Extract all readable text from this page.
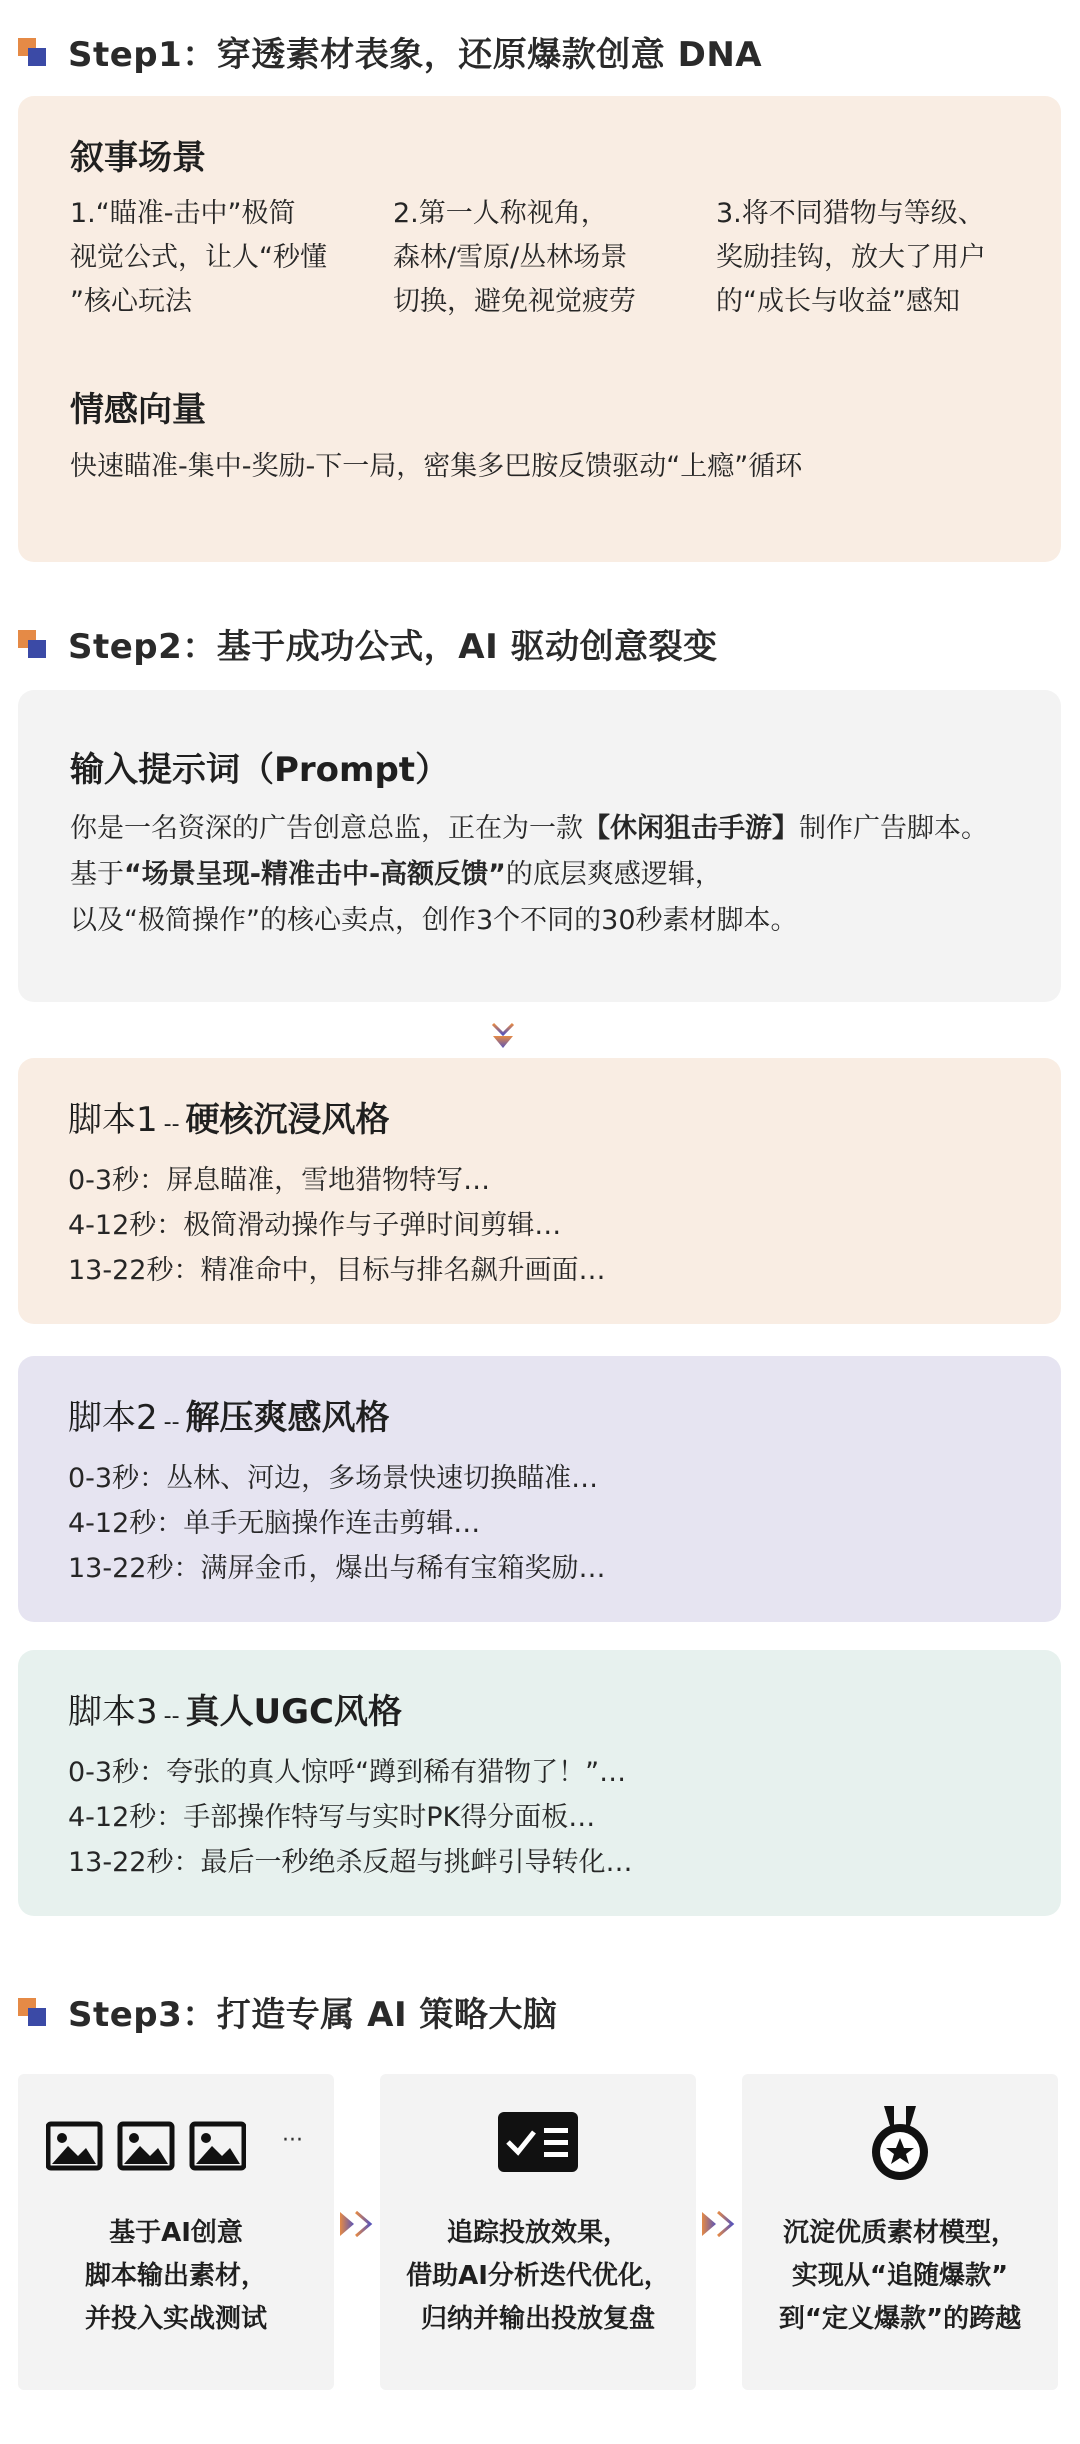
Step1：穿透素材表象，还原爆款创意 DNA
叙事场景
1.“瞄准-击中”极简
视觉公式，让人“秒懂
”核心玩法
2.第一人称视角，
森林/雪原/丛林场景
切换，避免视觉疲劳
3.将不同猎物与等级、
奖励挂钩，放大了用户
的“成长与收益”感知
情感向量
快速瞄准-集中-奖励-下一局，密集多巴胺反馈驱动“上瘾”循环
Step2：基于成功公式，AI 驱动创意裂变
输入提示词（Prompt）
你是一名资深的广告创意总监，正在为一款【休闲狙击手游】制作广告脚本。
基于“场景呈现-精准击中-高额反馈”的底层爽感逻辑，
以及“极简操作”的核心卖点，创作3个不同的30秒素材脚本。
脚本1 -- 硬核沉浸风格
0-3秒：屏息瞄准，雪地猎物特写…
4-12秒：极简滑动操作与子弹时间剪辑…
13-22秒：精准命中，目标与排名飙升画面…
脚本2 -- 解压爽感风格
0-3秒：丛林、河边，多场景快速切换瞄准…
4-12秒：单手无脑操作连击剪辑…
13-22秒：满屏金币，爆出与稀有宝箱奖励…
脚本3 -- 真人UGC风格
0-3秒：夸张的真人惊呼“蹲到稀有猎物了！”…
4-12秒：手部操作特写与实时PK得分面板…
13-22秒：最后一秒绝杀反超与挑衅引导转化…
Step3：打造专属 AI 策略大脑
···
基于AI创意
脚本输出素材，
并投入实战测试
追踪投放效果，
借助AI分析迭代优化，
归纳并输出投放复盘
沉淀优质素材模型，
实现从“追随爆款”
到“定义爆款”的跨越
